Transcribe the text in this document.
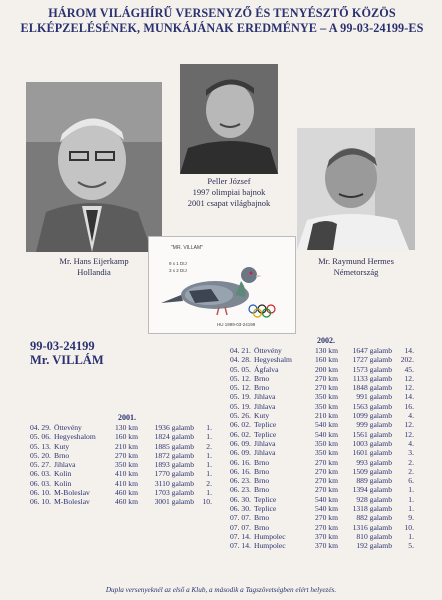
HÁROM VILÁGHÍRŰ VERSENYZŐ ÉS TENYÉSZTŐ KÖZÖS
ELKÉPZELÉSÉNEK, MUNKÁJÁNAK EREDMÉNYE – A 99-03-24199-ES
Mr. Hans Eijerkamp
Hollandia
Peller József
1997 olimpiai bajnok
2001 csapat világbajnok
Mr. Raymund Hermes
Németország
"MR. VILLAM"
9 x 1 DIJ
3 x 2 DIJ
HU 1999-03-24199
99-03-24199
Mr. VILLÁM
2001.
04. 29.	Öttevény	130 km	1936 galamb	1.
05. 06.	Hegyeshalom	160 km	1824 galamb	1.
05. 13.	Kuty	210 km	1885 galamb	2.
05. 20.	Brno	270 km	1872 galamb	1.
05. 27.	Jihlava	350 km	1893 galamb	1.
06. 03.	Kolin	410 km	1770 galamb	1.
06. 03.	Kolin	410 km	3110 galamb	2.
06. 10.	M-Boleslav	460 km	1703 galamb	1.
06. 10.	M-Boleslav	460 km	3001 galamb	10.
2002.
04. 21.	Öttevény	130 km	1647 galamb	14.
04. 28.	Hegyeshalm	160 km	1727 galamb	202.
05. 05.	Ágfalva	200 km	1573 galamb	45.
05. 12.	Brno	270 km	1133 galamb	12.
05. 12.	Brno	270 km	1848 galamb	12.
05. 19.	Jihlava	350 km	991 galamb	14.
05. 19.	Jihlava	350 km	1563 galamb	16.
05. 26.	Kuty	210 km	1099 galamb	4.
06. 02.	Teplice	540 km	999 galamb	12.
06. 02.	Teplice	540 km	1561 galamb	12.
06. 09.	Jihlava	350 km	1003 galamb	4.
06. 09.	Jihlava	350 km	1601 galamb	3.
06. 16.	Brno	270 km	993 galamb	2.
06. 16.	Brno	270 km	1509 galamb	2.
06. 23.	Brno	270 km	889 galamb	6.
06. 23.	Brno	270 km	1394 galamb	1.
06. 30.	Teplice	540 km	928 galamb	1.
06. 30.	Teplice	540 km	1318 galamb	1.
07. 07.	Brno	270 km	882 galamb	9.
07. 07.	Brno	270 km	1316 galamb	10.
07. 14.	Humpolec	370 km	810 galamb	1.
07. 14.	Humpolec	370 km	192 galamb	5.
Dupla versenyeknél az első a Klub, a második a Tagszövetségben elért helyezés.
